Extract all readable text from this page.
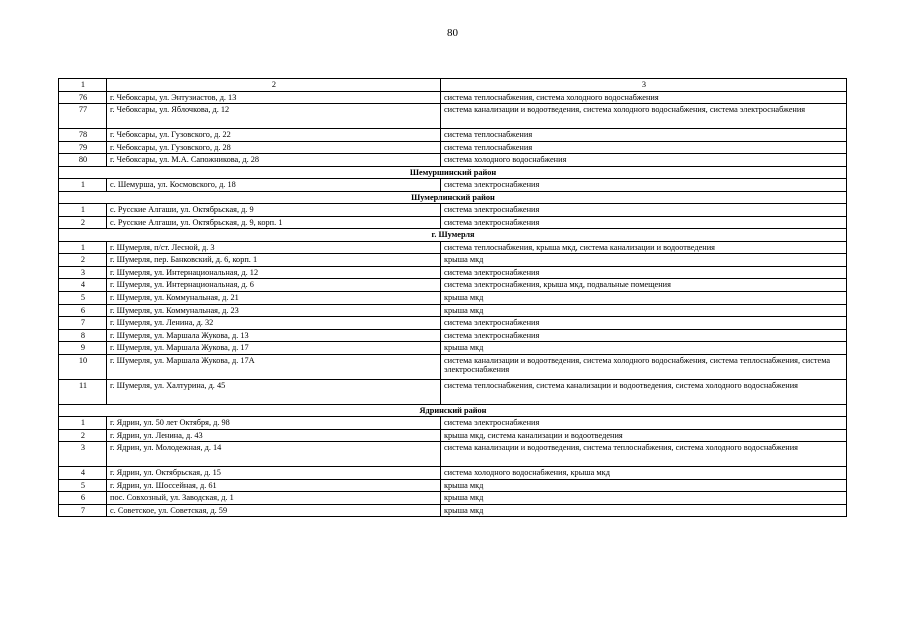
80
1	2	3
76	г. Чебоксары, ул. Энтузиастов, д. 13	система теплоснабжения, система холодного водоснабжения
77	г. Чебоксары, ул. Яблочкова, д. 12	система канализации и водоотведения, система холодного водоснабжения, система электроснабжения
78	г. Чебоксары, ул. Гузовского, д. 22	система теплоснабжения
79	г. Чебоксары, ул. Гузовского, д. 28	система теплоснабжения
80	г. Чебоксары, ул. М.А. Сапожникова, д. 28	система холодного водоснабжения
Шемуршинский район		
1	с. Шемурша, ул. Космовского, д. 18	система электроснабжения
Шумерлинский район		
1	с. Русские Алгаши, ул. Октябрьская, д. 9	система электроснабжения
2	с. Русские Алгаши, ул. Октябрьская, д. 9, корп. 1	система электроснабжения
г. Шумерля		
1	г. Шумерля, п/ст. Лесной, д. 3	система теплоснабжения, крыша мкд, система канализации и водоотведения
2	г. Шумерля, пер. Банковский, д. 6, корп. 1	крыша мкд
3	г. Шумерля, ул. Интернациональная, д. 12	система электроснабжения
4	г. Шумерля, ул. Интернациональная, д. 6	система электроснабжения, крыша мкд, подвальные помещения
5	г. Шумерля, ул. Коммунальная, д. 21	крыша мкд
6	г. Шумерля, ул. Коммунальная, д. 23	крыша мкд
7	г. Шумерля, ул. Ленина, д. 32	система электроснабжения
8	г. Шумерля, ул. Маршала Жукова, д. 13	система электроснабжения
9	г. Шумерля, ул. Маршала Жукова, д. 17	крыша мкд
10	г. Шумерля, ул. Маршала Жукова, д. 17А	система канализации и водоотведения, система холодного водоснабжения, система теплоснабжения, система электроснабжения
11	г. Шумерля, ул. Халтурина, д. 45	система теплоснабжения, система канализации и водоотведения, система холодного водоснабжения
Ядринский район		
1	г. Ядрин, ул. 50 лет Октября, д. 98	система электроснабжения
2	г. Ядрин, ул. Ленина, д. 43	крыша мкд, система канализации и водоотведения
3	г. Ядрин, ул. Молодежная, д. 14	система канализации и водоотведения, система теплоснабжения, система холодного водоснабжения
4	г. Ядрин, ул. Октябрьская, д. 15	система холодного водоснабжения, крыша мкд
5	г. Ядрин, ул. Шоссейная, д. 61	крыша мкд
6	пос. Совхозный, ул. Заводская, д. 1	крыша мкд
7	с. Советское, ул. Советская, д. 59	крыша мкд
